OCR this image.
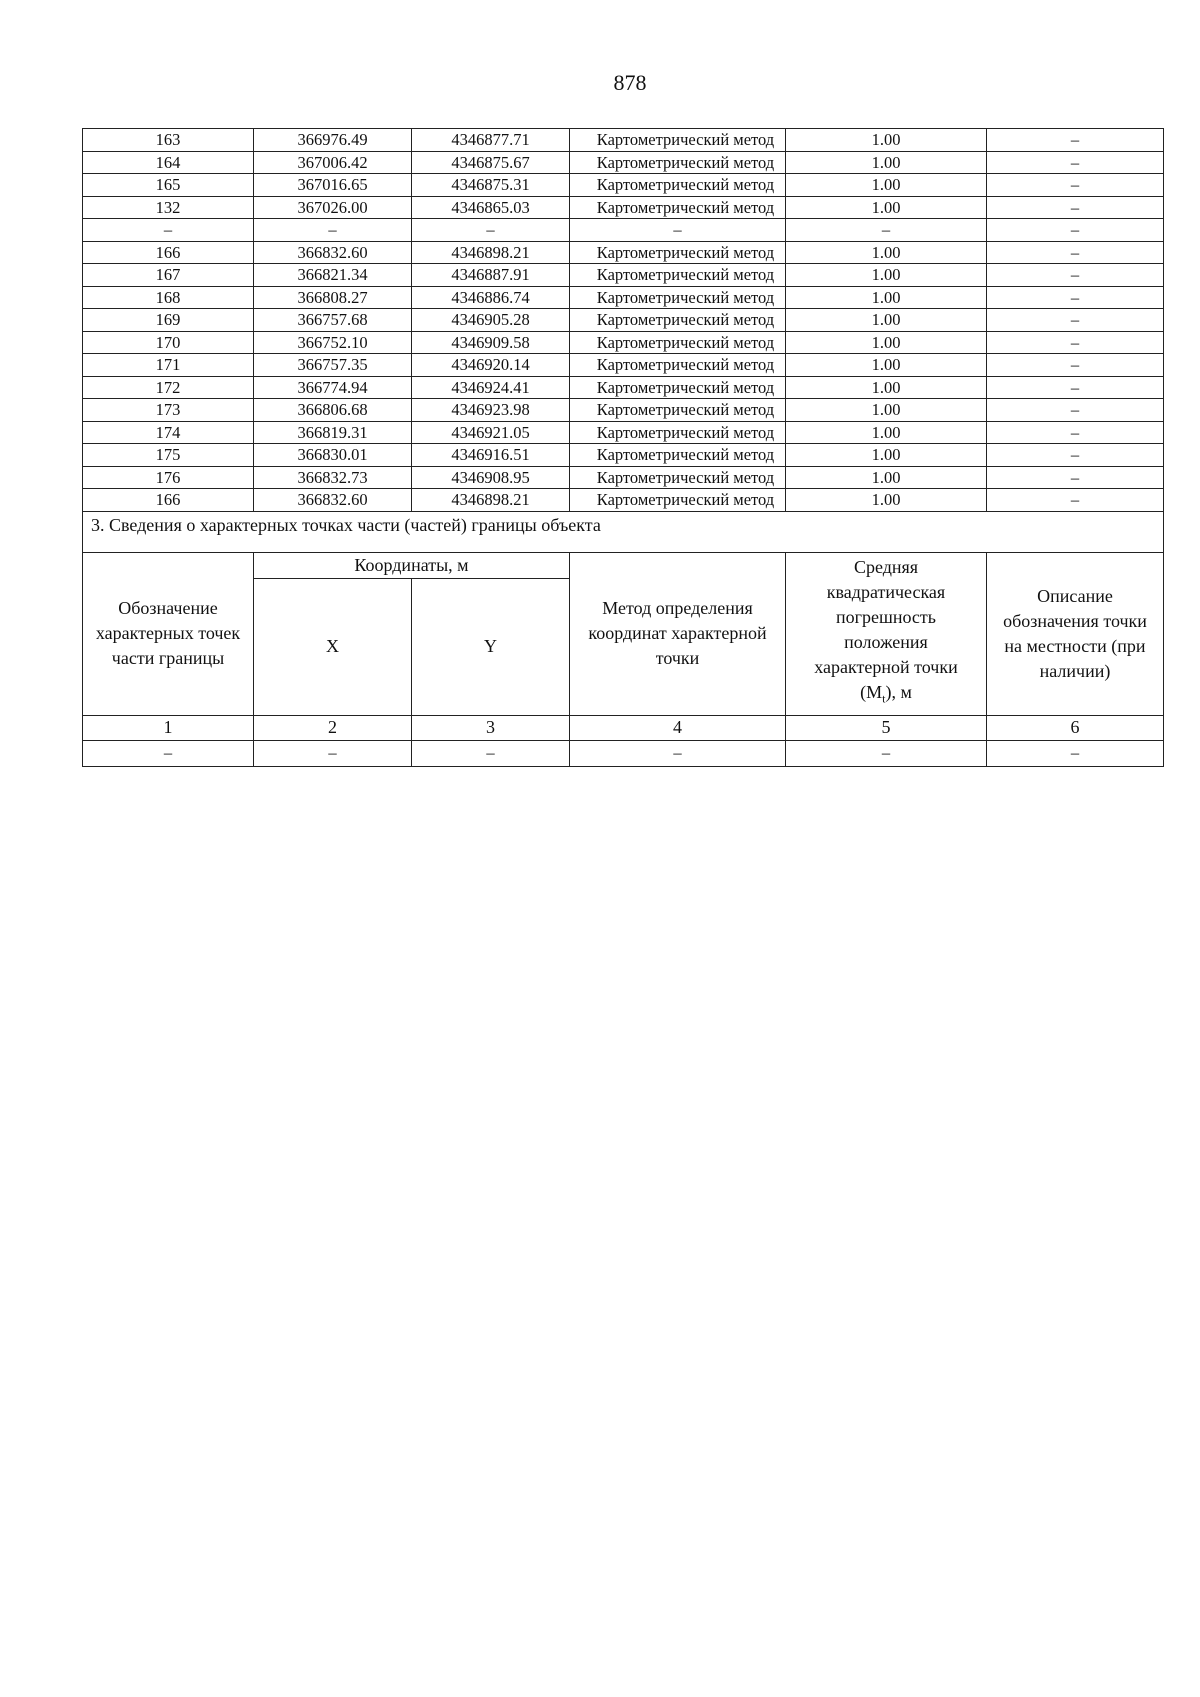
878
163	366976.49	4346877.71	Картометрический метод	1.00	–
164	367006.42	4346875.67	Картометрический метод	1.00	–
165	367016.65	4346875.31	Картометрический метод	1.00	–
132	367026.00	4346865.03	Картометрический метод	1.00	–
–	–	–	–	–	–
166	366832.60	4346898.21	Картометрический метод	1.00	–
167	366821.34	4346887.91	Картометрический метод	1.00	–
168	366808.27	4346886.74	Картометрический метод	1.00	–
169	366757.68	4346905.28	Картометрический метод	1.00	–
170	366752.10	4346909.58	Картометрический метод	1.00	–
171	366757.35	4346920.14	Картометрический метод	1.00	–
172	366774.94	4346924.41	Картометрический метод	1.00	–
173	366806.68	4346923.98	Картометрический метод	1.00	–
174	366819.31	4346921.05	Картометрический метод	1.00	–
175	366830.01	4346916.51	Картометрический метод	1.00	–
176	366832.73	4346908.95	Картометрический метод	1.00	–
166	366832.60	4346898.21	Картометрический метод	1.00	–
3. Сведения о характерных точках части (частей) границы объекта					
Обозначение характерных точек части границы	Координаты, м		Метод определения координат характерной точки	Средняя квадратическая погрешность положения характерной точки $(M_t)$, м	Описание обозначения точки на местности (при наличии)
	X	Y			
1	2	3	4	5	6
–	–	–	–	–	–
